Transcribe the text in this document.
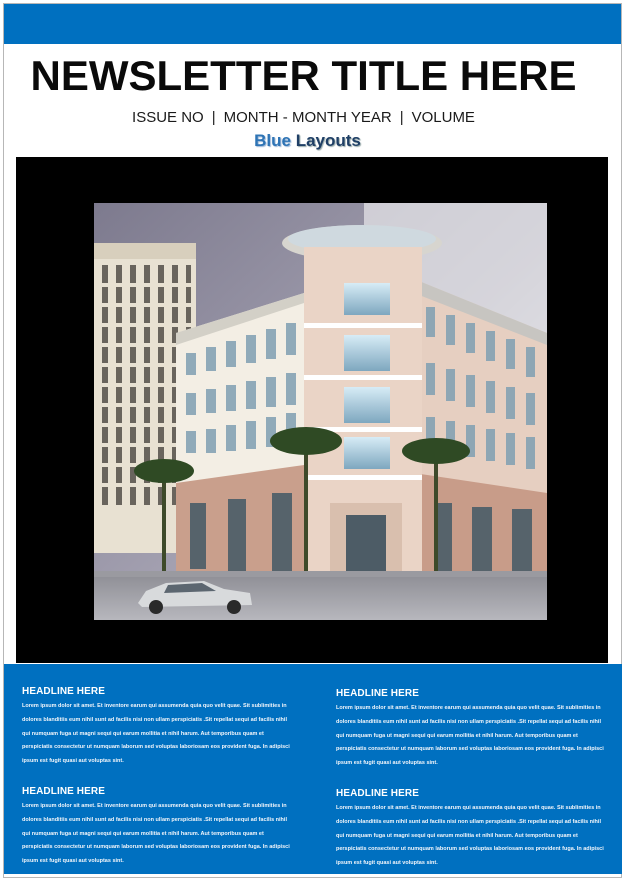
NEWSLETTER TITLE HERE
ISSUE NO | MONTH - MONTH YEAR | VOLUME
Blue Layouts
HEADLINE HERE
Lorem ipsum dolor sit amet. Et inventore earum qui assumenda quia quo velit quae. Sit sublimities in dolores blanditiis eum nihil sunt ad facilis nisi non ullam perspiciatis .Sit repellat sequi ad facilis nihil qui numquam fuga ut magni sequi qui earum mollitia et nihil harum. Aut temporibus quam et perspiciatis consectetur ut numquam laborum sed voluptas laboriosam eos provident fuga. In adipisci ipsum est fugit quasi aut voluptas sint.
HEADLINE HERE
Lorem ipsum dolor sit amet. Et inventore earum qui assumenda quia quo velit quae. Sit sublimities in dolores blanditiis eum nihil sunt ad facilis nisi non ullam perspiciatis .Sit repellat sequi ad facilis nihil qui numquam fuga ut magni sequi qui earum mollitia et nihil harum. Aut temporibus quam et perspiciatis consectetur ut numquam laborum sed voluptas laboriosam eos provident fuga. In adipisci ipsum est fugit quasi aut voluptas sint.
HEADLINE HERE
Lorem ipsum dolor sit amet. Et inventore earum qui assumenda quia quo velit quae. Sit sublimities in dolores blanditiis eum nihil sunt ad facilis nisi non ullam perspiciatis .Sit repellat sequi ad facilis nihil qui numquam fuga ut magni sequi qui earum mollitia et nihil harum. Aut temporibus quam et perspiciatis consectetur ut numquam laborum sed voluptas laboriosam eos provident fuga. In adipisci ipsum est fugit quasi aut voluptas sint.
HEADLINE HERE
Lorem ipsum dolor sit amet. Et inventore earum qui assumenda quia quo velit quae. Sit sublimities in dolores blanditiis eum nihil sunt ad facilis nisi non ullam perspiciatis .Sit repellat sequi ad facilis nihil qui numquam fuga ut magni sequi qui earum mollitia et nihil harum. Aut temporibus quam et perspiciatis consectetur ut numquam laborum sed voluptas laboriosam eos provident fuga. In adipisci ipsum est fugit quasi aut voluptas sint.
